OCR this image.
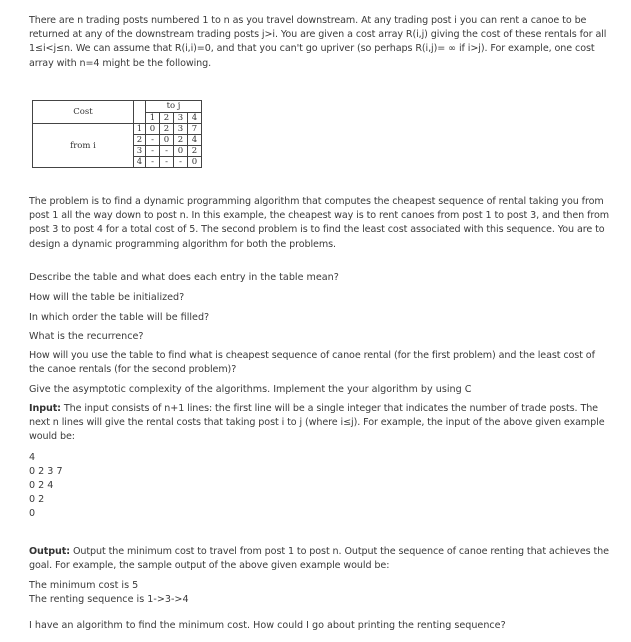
There are n trading posts numbered 1 to n as you travel downstream. At any trading post i you can rent a canoe to be returned at any of the downstream trading posts j>i. You are given a cost array R(i,j) giving the cost of these rentals for all 1≤i<j≤n. We can assume that R(i,i)=0, and that you can't go upriver (so perhaps R(i,j)= ∞ if i>j). For example, one cost array with n=4 might be the following.

Cost		to j			
		1	2	3	4
from i	1	0	2	3	7
	2	-	0	2	4
	3	-	-	0	2
	4	-	-	-	0

The problem is to find a dynamic programming algorithm that computes the cheapest sequence of rental taking you from post 1 all the way down to post n. In this example, the cheapest way is to rent canoes from post 1 to post 3, and then from post 3 to post 4 for a total cost of 5. The second problem is to find the least cost associated with this sequence. You are to design a dynamic programming algorithm for both the problems.

Describe the table and what does each entry in the table mean?

How will the table be initialized?

In which order the table will be filled?

What is the recurrence?

How will you use the table to find what is cheapest sequence of canoe rental (for the first problem) and the least cost of the canoe rentals (for the second problem)?

Give the asymptotic complexity of the algorithms. Implement the your algorithm by using C

Input: The input consists of n+1 lines: the first line will be a single integer that indicates the number of trade posts. The next n lines will give the rental costs that taking post i to j (where i≤j). For example, the input of the above given example would be:

4

0 2 3 7

0 2 4

0 2

0

Output: Output the minimum cost to travel from post 1 to post n. Output the sequence of canoe renting that achieves the goal. For example, the sample output of the above given example would be:

The minimum cost is 5

The renting sequence is 1->3->4

I have an algorithm to find the minimum cost. How could I go about printing the renting sequence?
